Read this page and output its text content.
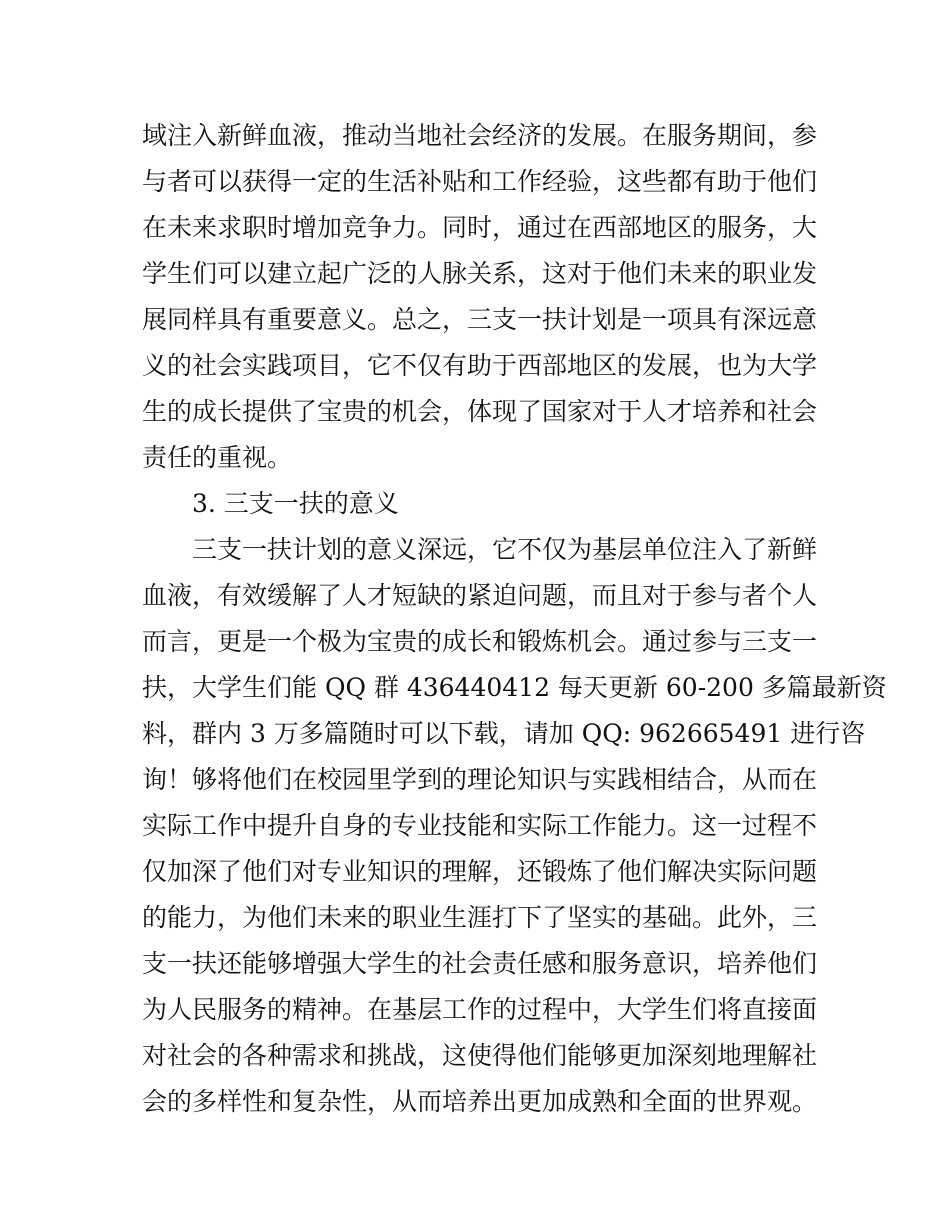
域注入新鲜血液，推动当地社会经济的发展。在服务期间，参
与者可以获得一定的生活补贴和工作经验，这些都有助于他们
在未来求职时增加竞争力。同时，通过在西部地区的服务，大
学生们可以建立起广泛的人脉关系，这对于他们未来的职业发
展同样具有重要意义。总之，三支一扶计划是一项具有深远意
义的社会实践项目，它不仅有助于西部地区的发展，也为大学
生的成长提供了宝贵的机会，体现了国家对于人才培养和社会
责任的重视。
3. 三支一扶的意义
三支一扶计划的意义深远，它不仅为基层单位注入了新鲜
血液，有效缓解了人才短缺的紧迫问题，而且对于参与者个人
而言，更是一个极为宝贵的成长和锻炼机会。通过参与三支一
扶，大学生们能 QQ 群 436440412 每天更新 60-200 多篇最新资
料，群内 3 万多篇随时可以下载，请加 QQ: 962665491 进行咨
询！够将他们在校园里学到的理论知识与实践相结合，从而在
实际工作中提升自身的专业技能和实际工作能力。这一过程不
仅加深了他们对专业知识的理解，还锻炼了他们解决实际问题
的能力，为他们未来的职业生涯打下了坚实的基础。此外，三
支一扶还能够增强大学生的社会责任感和服务意识，培养他们
为人民服务的精神。在基层工作的过程中，大学生们将直接面
对社会的各种需求和挑战，这使得他们能够更加深刻地理解社
会的多样性和复杂性，从而培养出更加成熟和全面的世界观。
